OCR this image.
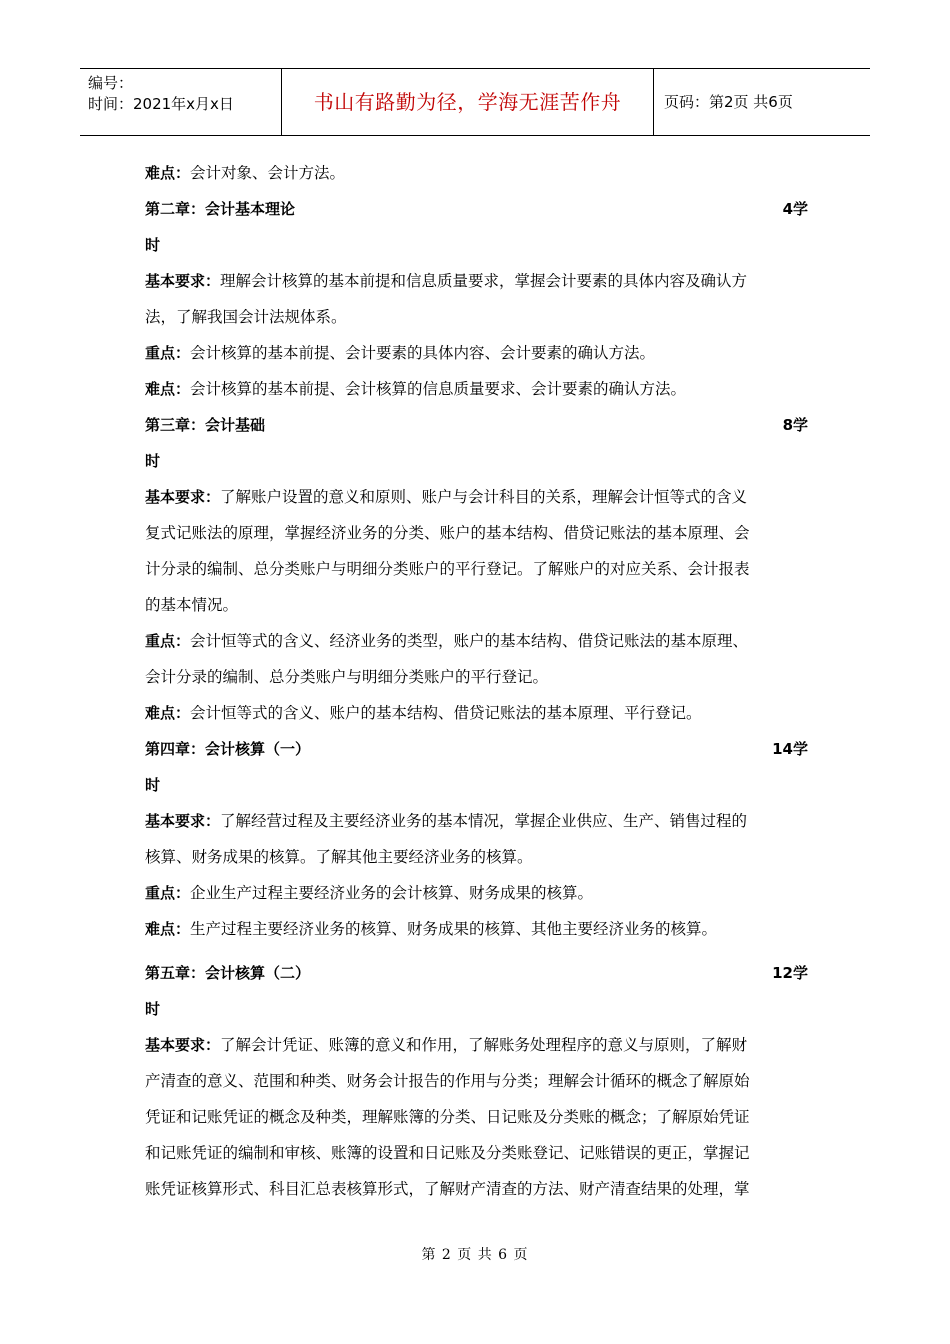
编号：
时间：2021年x月x日	书山有路勤为径，学海无涯苦作舟	页码：第2页 共6页
难点：会计对象、会计方法。
第二章：会计基本理论	4学
时
基本要求：理解会计核算的基本前提和信息质量要求，掌握会计要素的具体内容及确认方
法，了解我国会计法规体系。
重点：会计核算的基本前提、会计要素的具体内容、会计要素的确认方法。
难点：会计核算的基本前提、会计核算的信息质量要求、会计要素的确认方法。
第三章：会计基础	8学
时
基本要求：了解账户设置的意义和原则、账户与会计科目的关系，理解会计恒等式的含义
复式记账法的原理，掌握经济业务的分类、账户的基本结构、借贷记账法的基本原理、会
计分录的编制、总分类账户与明细分类账户的平行登记。了解账户的对应关系、会计报表
的基本情况。
重点：会计恒等式的含义、经济业务的类型，账户的基本结构、借贷记账法的基本原理、
会计分录的编制、总分类账户与明细分类账户的平行登记。
难点：会计恒等式的含义、账户的基本结构、借贷记账法的基本原理、平行登记。
第四章：会计核算（一）	14学
时
基本要求：了解经营过程及主要经济业务的基本情况，掌握企业供应、生产、销售过程的
核算、财务成果的核算。了解其他主要经济业务的核算。
重点：企业生产过程主要经济业务的会计核算、财务成果的核算。
难点：生产过程主要经济业务的核算、财务成果的核算、其他主要经济业务的核算。
第五章：会计核算（二）	12学
时
基本要求：了解会计凭证、账簿的意义和作用，了解账务处理程序的意义与原则，了解财
产清查的意义、范围和种类、财务会计报告的作用与分类；理解会计循环的概念了解原始
凭证和记账凭证的概念及种类，理解账簿的分类、日记账及分类账的概念；了解原始凭证
和记账凭证的编制和审核、账簿的设置和日记账及分类账登记、记账错误的更正，掌握记
账凭证核算形式、科目汇总表核算形式，了解财产清查的方法、财产清查结果的处理，掌
第 2 页 共 6 页
